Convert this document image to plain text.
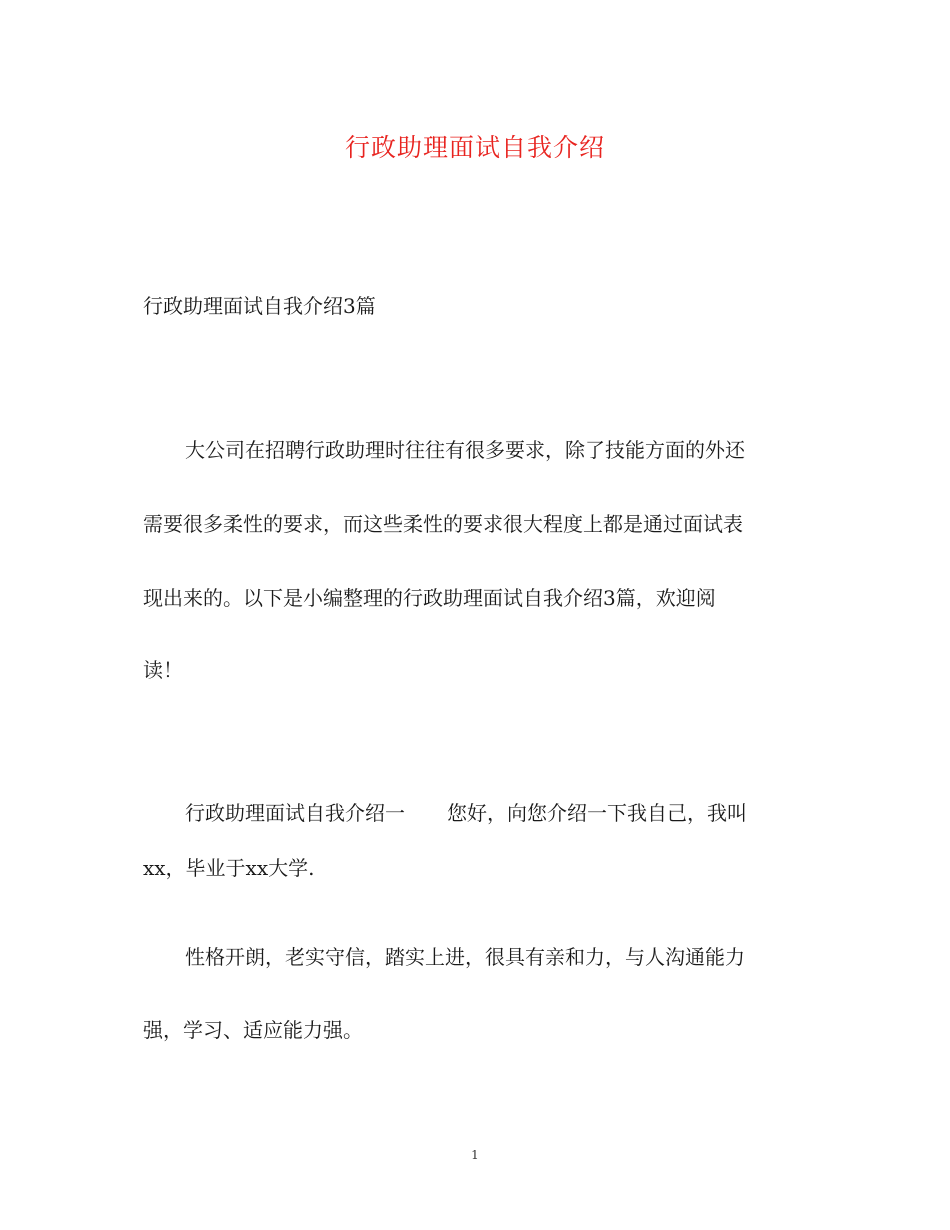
行政助理面试自我介绍

行政助理面试自我介绍3篇

大公司在招聘行政助理时往往有很多要求，除了技能方面的外还

需要很多柔性的要求，而这些柔性的要求很大程度上都是通过面试表

现出来的。以下是小编整理的行政助理面试自我介绍3篇，欢迎阅

读！

行政助理面试自我介绍一 您好，向您介绍一下我自己，我叫

xx，毕业于xx大学.

性格开朗，老实守信，踏实上进，很具有亲和力，与人沟通能力

强，学习、适应能力强。

1
